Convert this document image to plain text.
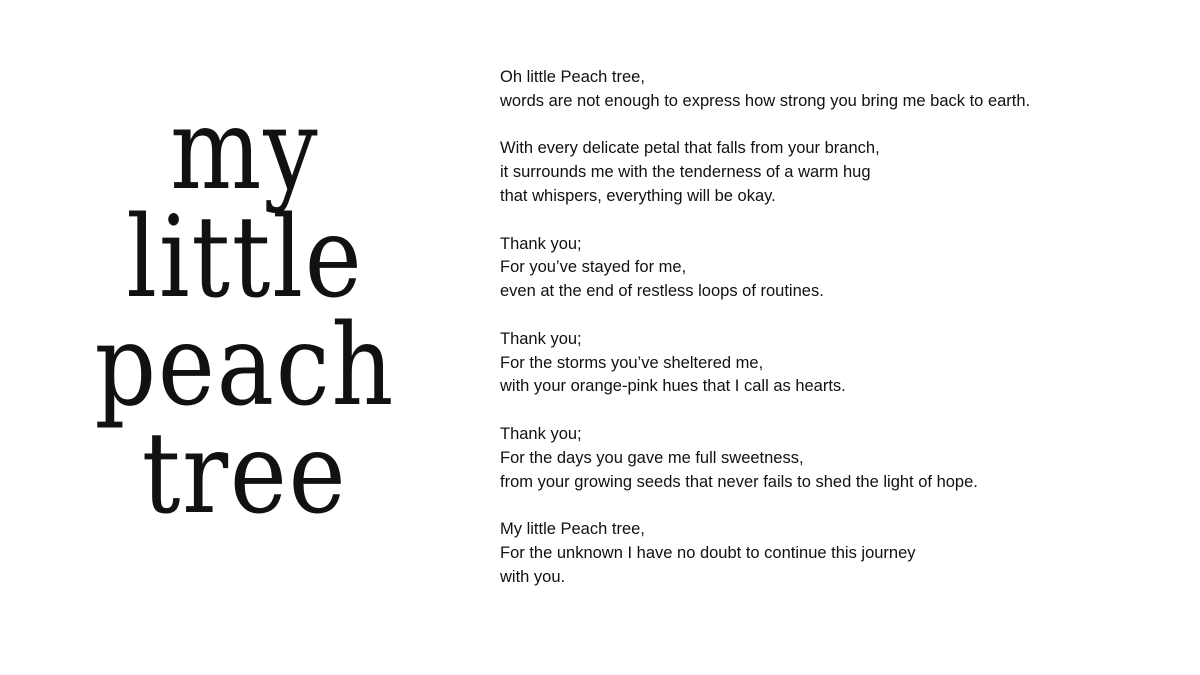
my
little
peach
tree
Oh little Peach tree,
words are not enough to express how strong you bring me back to earth.
With every delicate petal that falls from your branch,
it surrounds me with the tenderness of a warm hug
that whispers, everything will be okay.
Thank you;
For you’ve stayed for me,
even at the end of restless loops of routines.
Thank you;
For the storms you’ve sheltered me,
with your orange-pink hues that I call as hearts.
Thank you;
For the days you gave me full sweetness,
from your growing seeds that never fails to shed the light of hope.
My little Peach tree,
For the unknown I have no doubt to continue this journey
with you.
